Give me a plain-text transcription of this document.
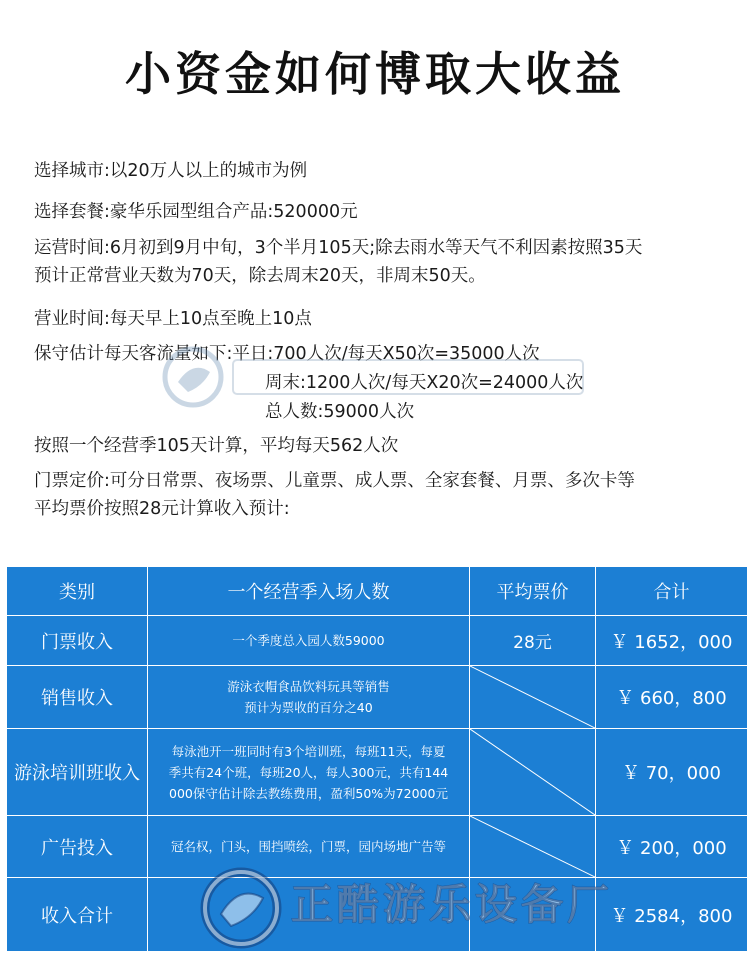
小资金如何博取大收益
选择城市:以20万人以上的城市为例
选择套餐:豪华乐园型组合产品:520000元
运营时间:6月初到9月中旬，3个半月105天;除去雨水等天气不利因素按照35天
预计正常营业天数为70天，除去周末20天，非周末50天。
营业时间:每天早上10点至晚上10点
保守估计每天客流量如下:平日:700人次/每天X50次=35000人次
周末:1200人次/每天X20次=24000人次
总人数:59000人次
按照一个经营季105天计算，平均每天562人次
门票定价:可分日常票、夜场票、儿童票、成人票、全家套餐、月票、多次卡等
平均票价按照28元计算收入预计:
类别	一个经营季入场人数	平均票价	合计
门票收入	一个季度总入园人数59000	28元	￥ 1652，000
销售收入	游泳衣帽食品饮料玩具等销售
预计为票收的百分之40		￥ 660，800
游泳培训班收入	每泳池开一班同时有3个培训班，每班11天，每夏
季共有24个班，每班20人，每人300元，共有144
000保守估计除去教练费用，盈利50%为72000元		￥ 70，000
广告投入	冠名权，门头，围挡喷绘，门票，园内场地广告等		￥ 200，000
收入合计			￥ 2584，800
正酷游乐设备厂
